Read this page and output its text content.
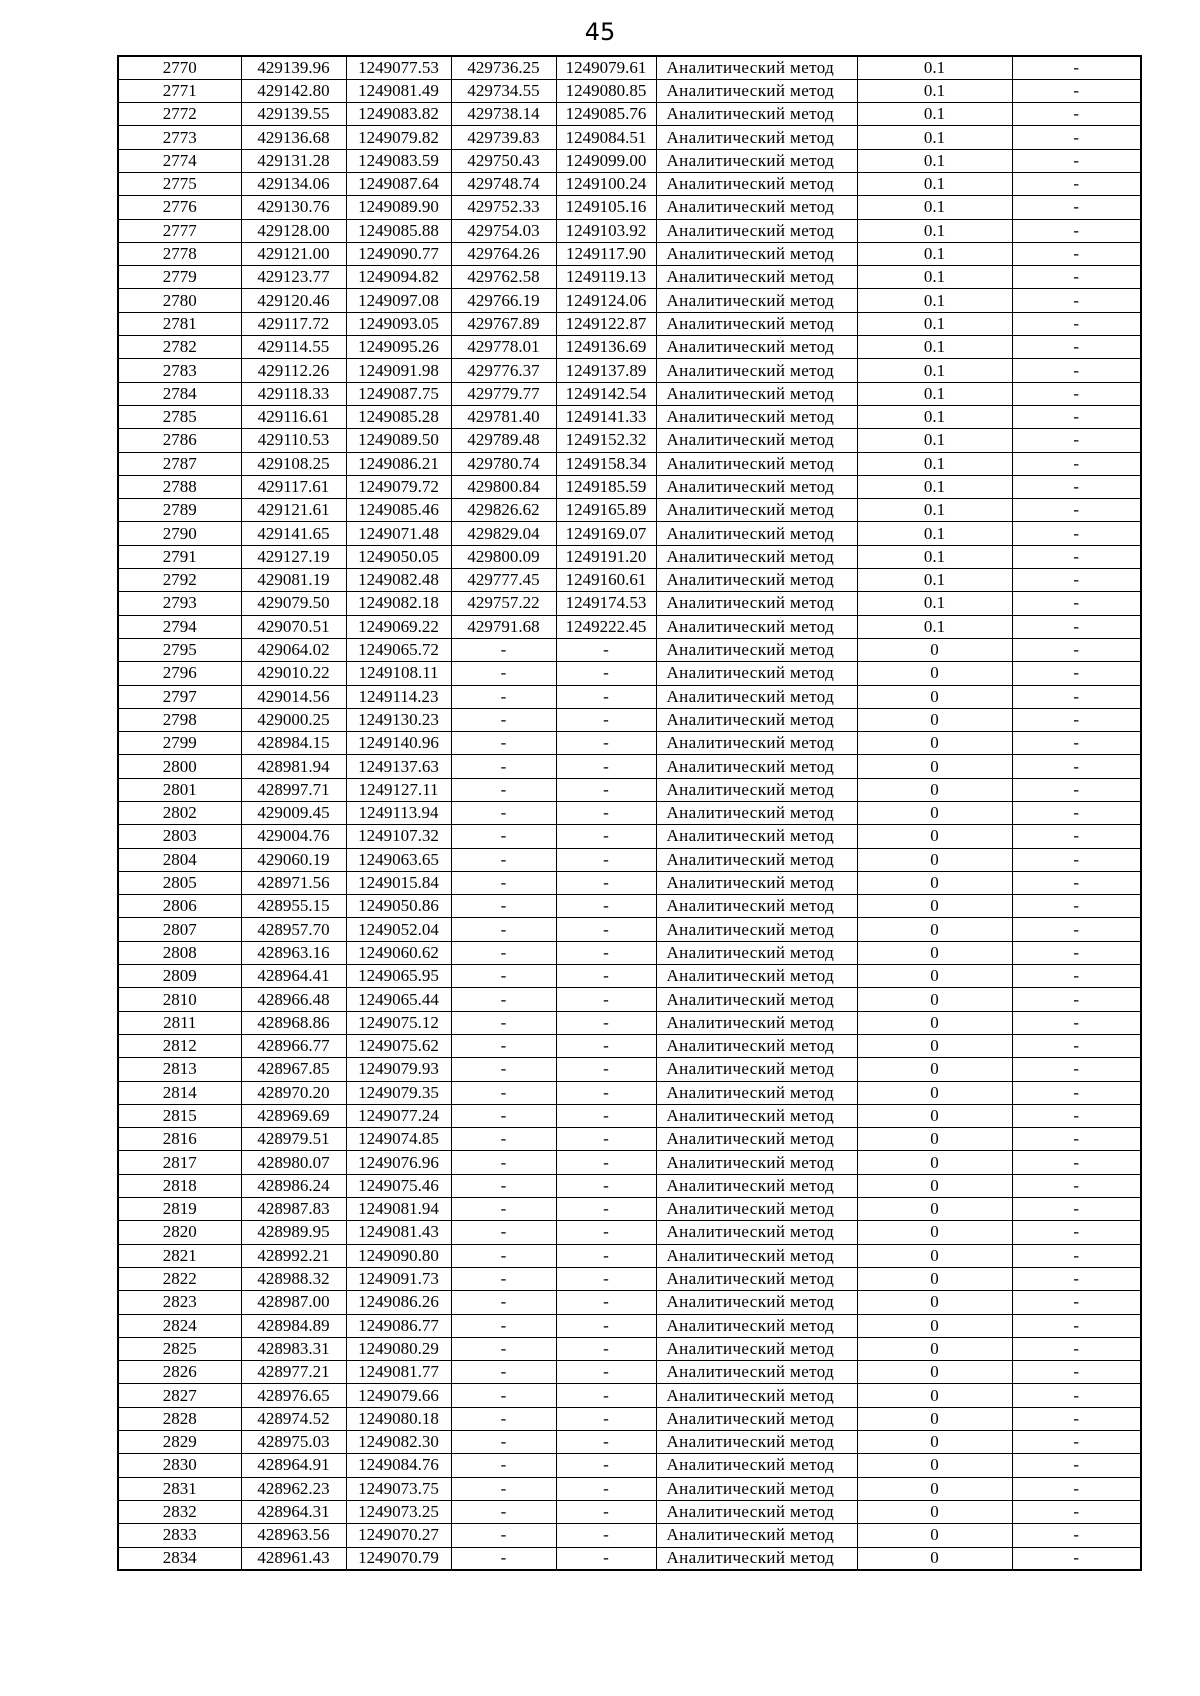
45
2770	429139.96	1249077.53	429736.25	1249079.61	Аналитический метод	0.1	-
2771	429142.80	1249081.49	429734.55	1249080.85	Аналитический метод	0.1	-
2772	429139.55	1249083.82	429738.14	1249085.76	Аналитический метод	0.1	-
2773	429136.68	1249079.82	429739.83	1249084.51	Аналитический метод	0.1	-
2774	429131.28	1249083.59	429750.43	1249099.00	Аналитический метод	0.1	-
2775	429134.06	1249087.64	429748.74	1249100.24	Аналитический метод	0.1	-
2776	429130.76	1249089.90	429752.33	1249105.16	Аналитический метод	0.1	-
2777	429128.00	1249085.88	429754.03	1249103.92	Аналитический метод	0.1	-
2778	429121.00	1249090.77	429764.26	1249117.90	Аналитический метод	0.1	-
2779	429123.77	1249094.82	429762.58	1249119.13	Аналитический метод	0.1	-
2780	429120.46	1249097.08	429766.19	1249124.06	Аналитический метод	0.1	-
2781	429117.72	1249093.05	429767.89	1249122.87	Аналитический метод	0.1	-
2782	429114.55	1249095.26	429778.01	1249136.69	Аналитический метод	0.1	-
2783	429112.26	1249091.98	429776.37	1249137.89	Аналитический метод	0.1	-
2784	429118.33	1249087.75	429779.77	1249142.54	Аналитический метод	0.1	-
2785	429116.61	1249085.28	429781.40	1249141.33	Аналитический метод	0.1	-
2786	429110.53	1249089.50	429789.48	1249152.32	Аналитический метод	0.1	-
2787	429108.25	1249086.21	429780.74	1249158.34	Аналитический метод	0.1	-
2788	429117.61	1249079.72	429800.84	1249185.59	Аналитический метод	0.1	-
2789	429121.61	1249085.46	429826.62	1249165.89	Аналитический метод	0.1	-
2790	429141.65	1249071.48	429829.04	1249169.07	Аналитический метод	0.1	-
2791	429127.19	1249050.05	429800.09	1249191.20	Аналитический метод	0.1	-
2792	429081.19	1249082.48	429777.45	1249160.61	Аналитический метод	0.1	-
2793	429079.50	1249082.18	429757.22	1249174.53	Аналитический метод	0.1	-
2794	429070.51	1249069.22	429791.68	1249222.45	Аналитический метод	0.1	-
2795	429064.02	1249065.72	-	-	Аналитический метод	0	-
2796	429010.22	1249108.11	-	-	Аналитический метод	0	-
2797	429014.56	1249114.23	-	-	Аналитический метод	0	-
2798	429000.25	1249130.23	-	-	Аналитический метод	0	-
2799	428984.15	1249140.96	-	-	Аналитический метод	0	-
2800	428981.94	1249137.63	-	-	Аналитический метод	0	-
2801	428997.71	1249127.11	-	-	Аналитический метод	0	-
2802	429009.45	1249113.94	-	-	Аналитический метод	0	-
2803	429004.76	1249107.32	-	-	Аналитический метод	0	-
2804	429060.19	1249063.65	-	-	Аналитический метод	0	-
2805	428971.56	1249015.84	-	-	Аналитический метод	0	-
2806	428955.15	1249050.86	-	-	Аналитический метод	0	-
2807	428957.70	1249052.04	-	-	Аналитический метод	0	-
2808	428963.16	1249060.62	-	-	Аналитический метод	0	-
2809	428964.41	1249065.95	-	-	Аналитический метод	0	-
2810	428966.48	1249065.44	-	-	Аналитический метод	0	-
2811	428968.86	1249075.12	-	-	Аналитический метод	0	-
2812	428966.77	1249075.62	-	-	Аналитический метод	0	-
2813	428967.85	1249079.93	-	-	Аналитический метод	0	-
2814	428970.20	1249079.35	-	-	Аналитический метод	0	-
2815	428969.69	1249077.24	-	-	Аналитический метод	0	-
2816	428979.51	1249074.85	-	-	Аналитический метод	0	-
2817	428980.07	1249076.96	-	-	Аналитический метод	0	-
2818	428986.24	1249075.46	-	-	Аналитический метод	0	-
2819	428987.83	1249081.94	-	-	Аналитический метод	0	-
2820	428989.95	1249081.43	-	-	Аналитический метод	0	-
2821	428992.21	1249090.80	-	-	Аналитический метод	0	-
2822	428988.32	1249091.73	-	-	Аналитический метод	0	-
2823	428987.00	1249086.26	-	-	Аналитический метод	0	-
2824	428984.89	1249086.77	-	-	Аналитический метод	0	-
2825	428983.31	1249080.29	-	-	Аналитический метод	0	-
2826	428977.21	1249081.77	-	-	Аналитический метод	0	-
2827	428976.65	1249079.66	-	-	Аналитический метод	0	-
2828	428974.52	1249080.18	-	-	Аналитический метод	0	-
2829	428975.03	1249082.30	-	-	Аналитический метод	0	-
2830	428964.91	1249084.76	-	-	Аналитический метод	0	-
2831	428962.23	1249073.75	-	-	Аналитический метод	0	-
2832	428964.31	1249073.25	-	-	Аналитический метод	0	-
2833	428963.56	1249070.27	-	-	Аналитический метод	0	-
2834	428961.43	1249070.79	-	-	Аналитический метод	0	-
